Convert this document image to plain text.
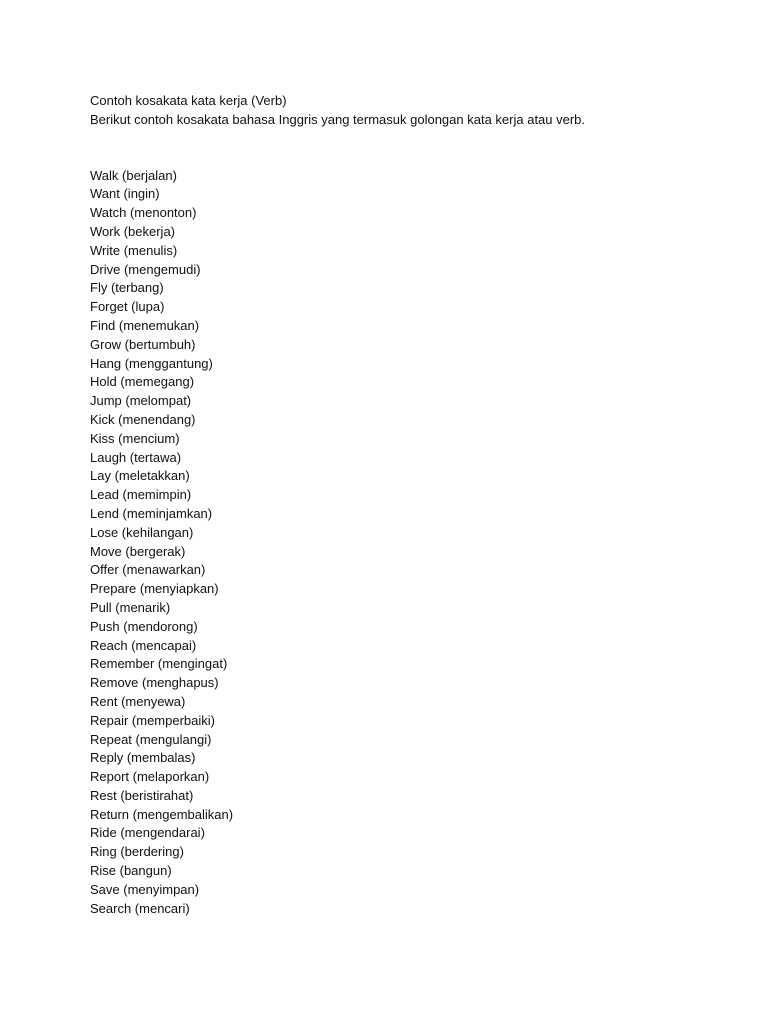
Contoh kosakata kata kerja (Verb)

Berikut contoh kosakata bahasa Inggris yang termasuk golongan kata kerja atau verb.

Walk (berjalan)
Want (ingin)
Watch (menonton)
Work (bekerja)
Write (menulis)
Drive (mengemudi)
Fly (terbang)
Forget (lupa)
Find (menemukan)
Grow (bertumbuh)
Hang (menggantung)
Hold (memegang)
Jump (melompat)
Kick (menendang)
Kiss (mencium)
Laugh (tertawa)
Lay (meletakkan)
Lead (memimpin)
Lend (meminjamkan)
Lose (kehilangan)
Move (bergerak)
Offer (menawarkan)
Prepare (menyiapkan)
Pull (menarik)
Push (mendorong)
Reach (mencapai)
Remember (mengingat)
Remove (menghapus)
Rent (menyewa)
Repair (memperbaiki)
Repeat (mengulangi)
Reply (membalas)
Report (melaporkan)
Rest (beristirahat)
Return (mengembalikan)
Ride (mengendarai)
Ring (berdering)
Rise (bangun)
Save (menyimpan)
Search (mencari)
